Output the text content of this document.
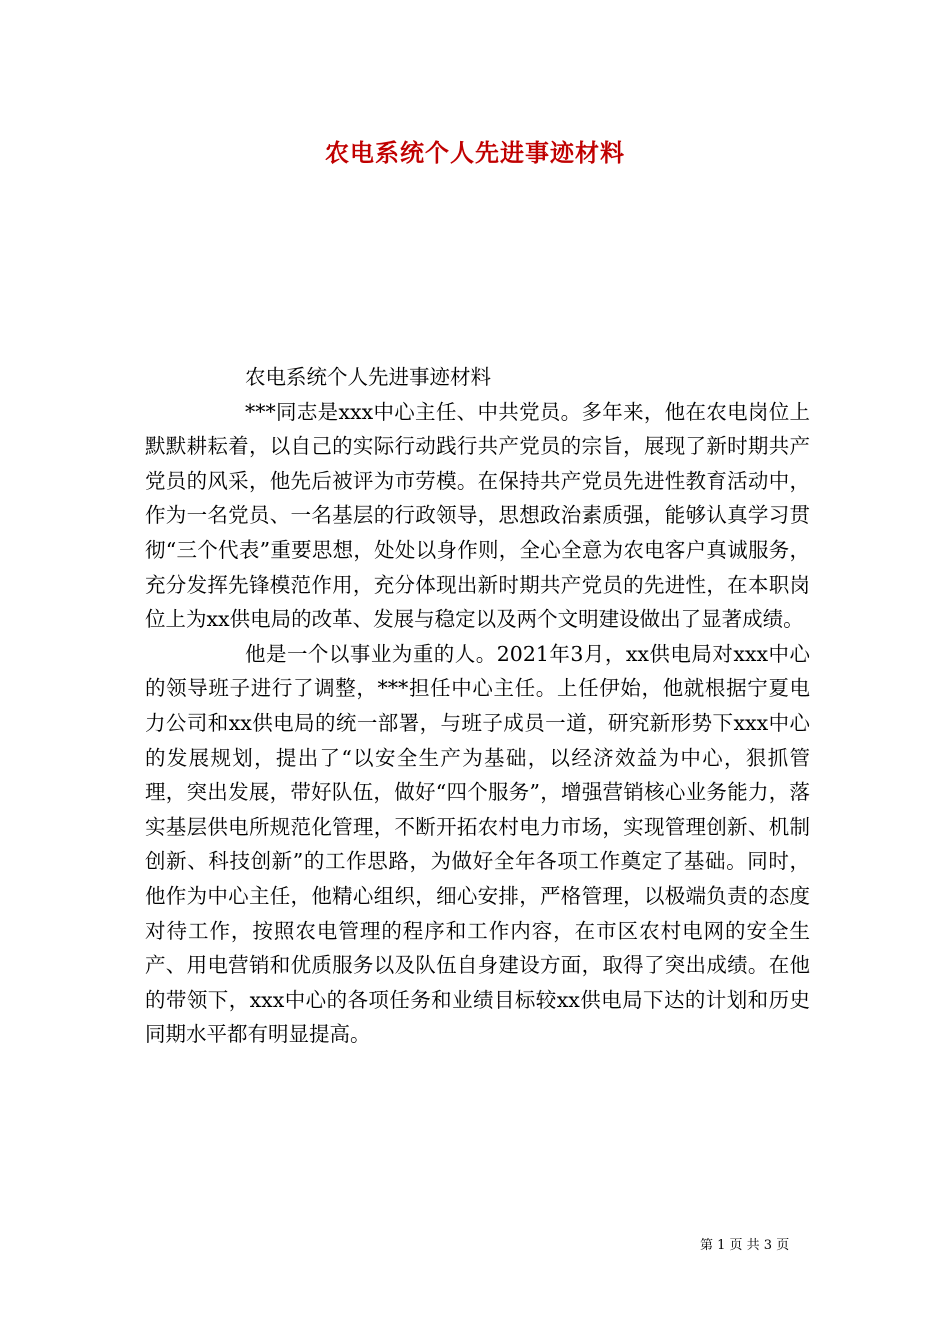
农电系统个人先进事迹材料

农电系统个人先进事迹材料

***同志是xxx中心主任、中共党员。多年来，他在农电岗位上默默耕耘着，以自己的实际行动践行共产党员的宗旨，展现了新时期共产党员的风采，他先后被评为市劳模。在保持共产党员先进性教育活动中，作为一名党员、一名基层的行政领导，思想政治素质强，能够认真学习贯彻“三个代表”重要思想，处处以身作则，全心全意为农电客户真诚服务，充分发挥先锋模范作用，充分体现出新时期共产党员的先进性，在本职岗位上为xx供电局的改革、发展与稳定以及两个文明建设做出了显著成绩。

他是一个以事业为重的人。2021年3月，xx供电局对xxx中心的领导班子进行了调整，***担任中心主任。上任伊始，他就根据宁夏电力公司和xx供电局的统一部署，与班子成员一道，研究新形势下xxx中心的发展规划，提出了“以安全生产为基础，以经济效益为中心，狠抓管理，突出发展，带好队伍，做好“四个服务”，增强营销核心业务能力，落实基层供电所规范化管理，不断开拓农村电力市场，实现管理创新、机制创新、科技创新”的工作思路，为做好全年各项工作奠定了基础。同时，他作为中心主任，他精心组织，细心安排，严格管理，以极端负责的态度对待工作，按照农电管理的程序和工作内容，在市区农村电网的安全生产、用电营销和优质服务以及队伍自身建设方面，取得了突出成绩。在他的带领下，xxx中心的各项任务和业绩目标较xx供电局下达的计划和历史同期水平都有明显提高。

第 1 页 共 3 页
